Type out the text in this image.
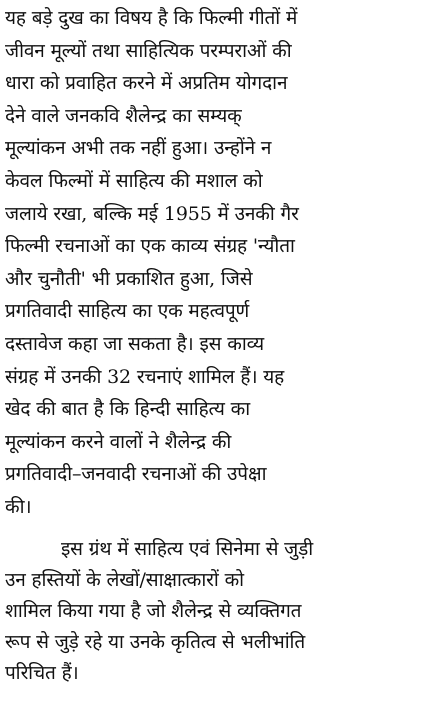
यह बड़े दुख का विषय है कि फिल्मी गीतों में
जीवन मूल्यों तथा साहित्यिक परम्पराओं की
धारा को प्रवाहित करने में अप्रतिम योगदान
देने वाले जनकवि शैलेन्द्र का सम्यक्
मूल्यांकन अभी तक नहीं हुआ। उन्होंने न
केवल फिल्मों में साहित्य की मशाल को
जलाये रखा, बल्कि मई 1955 में उनकी गैर
फिल्मी रचनाओं का एक काव्य संग्रह 'न्यौता
और चुनौती' भी प्रकाशित हुआ, जिसे
प्रगतिवादी साहित्य का एक महत्वपूर्ण
दस्तावेज कहा जा सकता है। इस काव्य
संग्रह में उनकी 32 रचनाएं शामिल हैं। यह
खेद की बात है कि हिन्दी साहित्य का
मूल्यांकन करने वालों ने शैलेन्द्र की
प्रगतिवादी–जनवादी रचनाओं की उपेक्षा
की।
इस ग्रंथ में साहित्य एवं सिनेमा से जुड़ी
उन हस्तियों के लेखों/साक्षात्कारों को
शामिल किया गया है जो शैलेन्द्र से व्यक्तिगत
रूप से जुड़े रहे या उनके कृतित्व से भलीभांति
परिचित हैं।
